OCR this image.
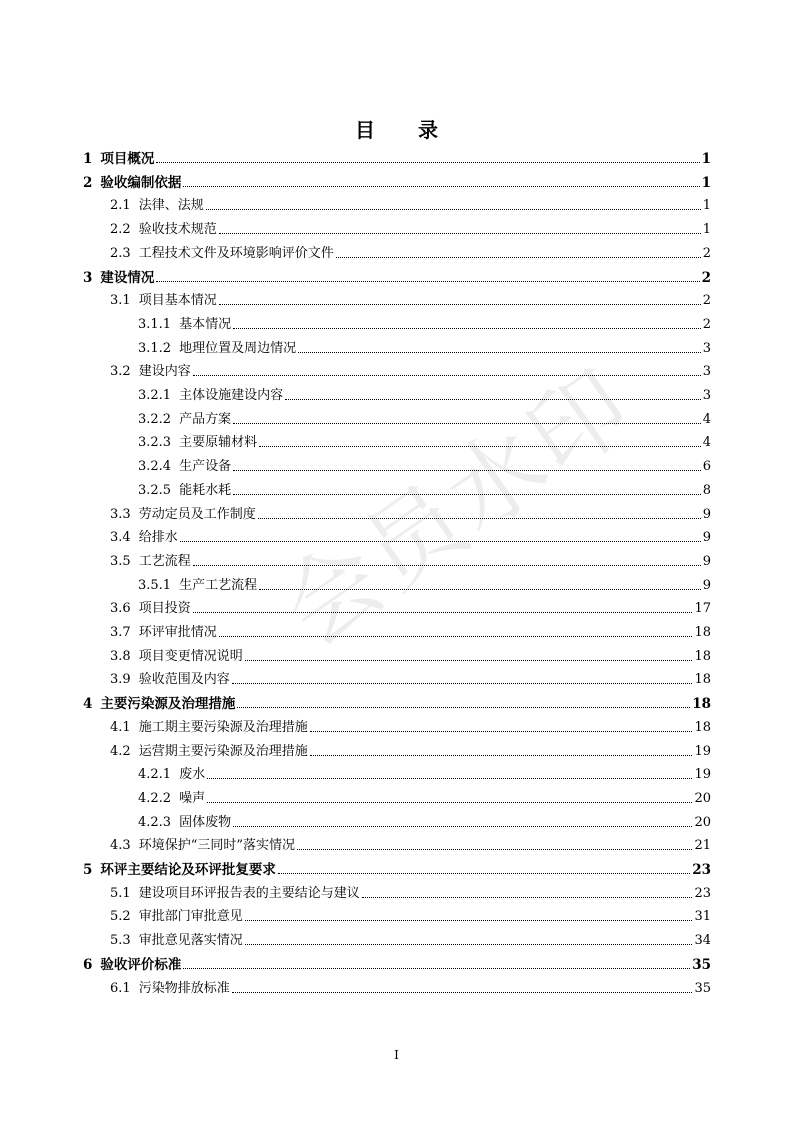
会员水印
目 录
1 项目概况	1
2 验收编制依据	1
2.1 法律、法规	1
2.2 验收技术规范	1
2.3 工程技术文件及环境影响评价文件	2
3 建设情况	2
3.1 项目基本情况	2
3.1.1 基本情况	2
3.1.2 地理位置及周边情况	3
3.2 建设内容	3
3.2.1 主体设施建设内容	3
3.2.2 产品方案	4
3.2.3 主要原辅材料	4
3.2.4 生产设备	6
3.2.5 能耗水耗	8
3.3 劳动定员及工作制度	9
3.4 给排水	9
3.5 工艺流程	9
3.5.1 生产工艺流程	9
3.6 项目投资	17
3.7 环评审批情况	18
3.8 项目变更情况说明	18
3.9 验收范围及内容	18
4 主要污染源及治理措施	18
4.1 施工期主要污染源及治理措施	18
4.2 运营期主要污染源及治理措施	19
4.2.1 废水	19
4.2.2 噪声	20
4.2.3 固体废物	20
4.3 环境保护“三同时”落实情况	21
5 环评主要结论及环评批复要求	23
5.1 建设项目环评报告表的主要结论与建议	23
5.2 审批部门审批意见	31
5.3 审批意见落实情况	34
6 验收评价标准	35
6.1 污染物排放标准	35
I
